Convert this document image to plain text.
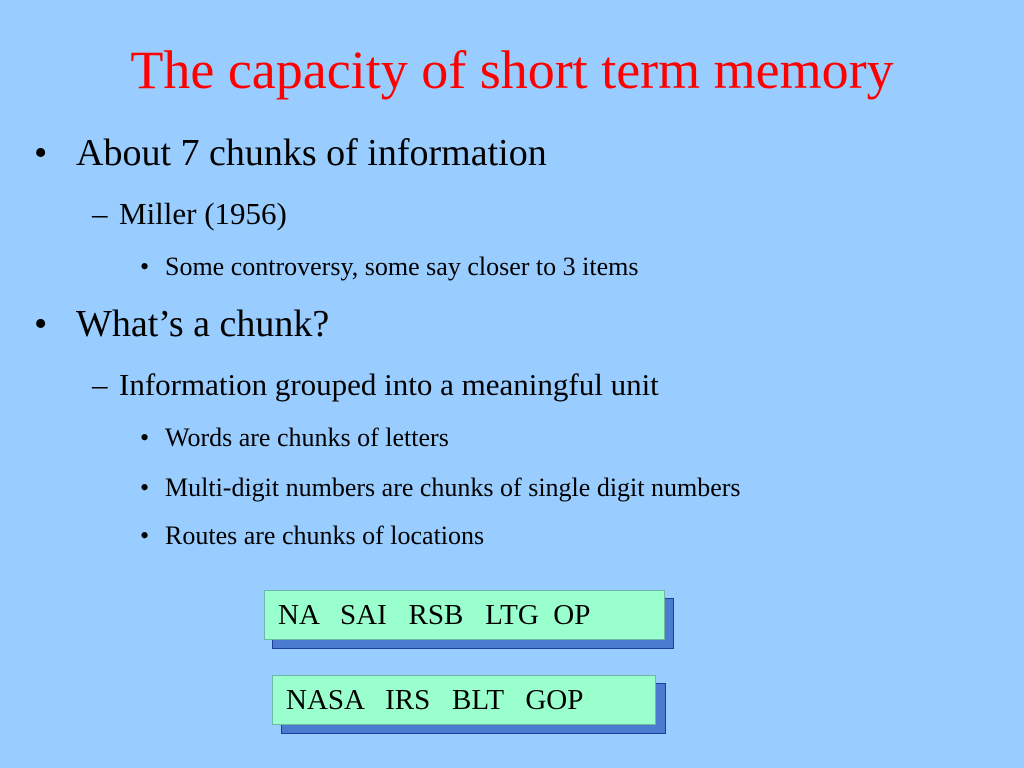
The capacity of short term memory
• About 7 chunks of information
– Miller (1956)
• Some controversy, some say closer to 3 items
• What’s a chunk?
– Information grouped into a meaningful unit
• Words are chunks of letters
• Multi-digit numbers are chunks of single digit numbers
• Routes are chunks of locations
NA   SAI   RSB   LTG  OP
NASA   IRS   BLT   GOP
